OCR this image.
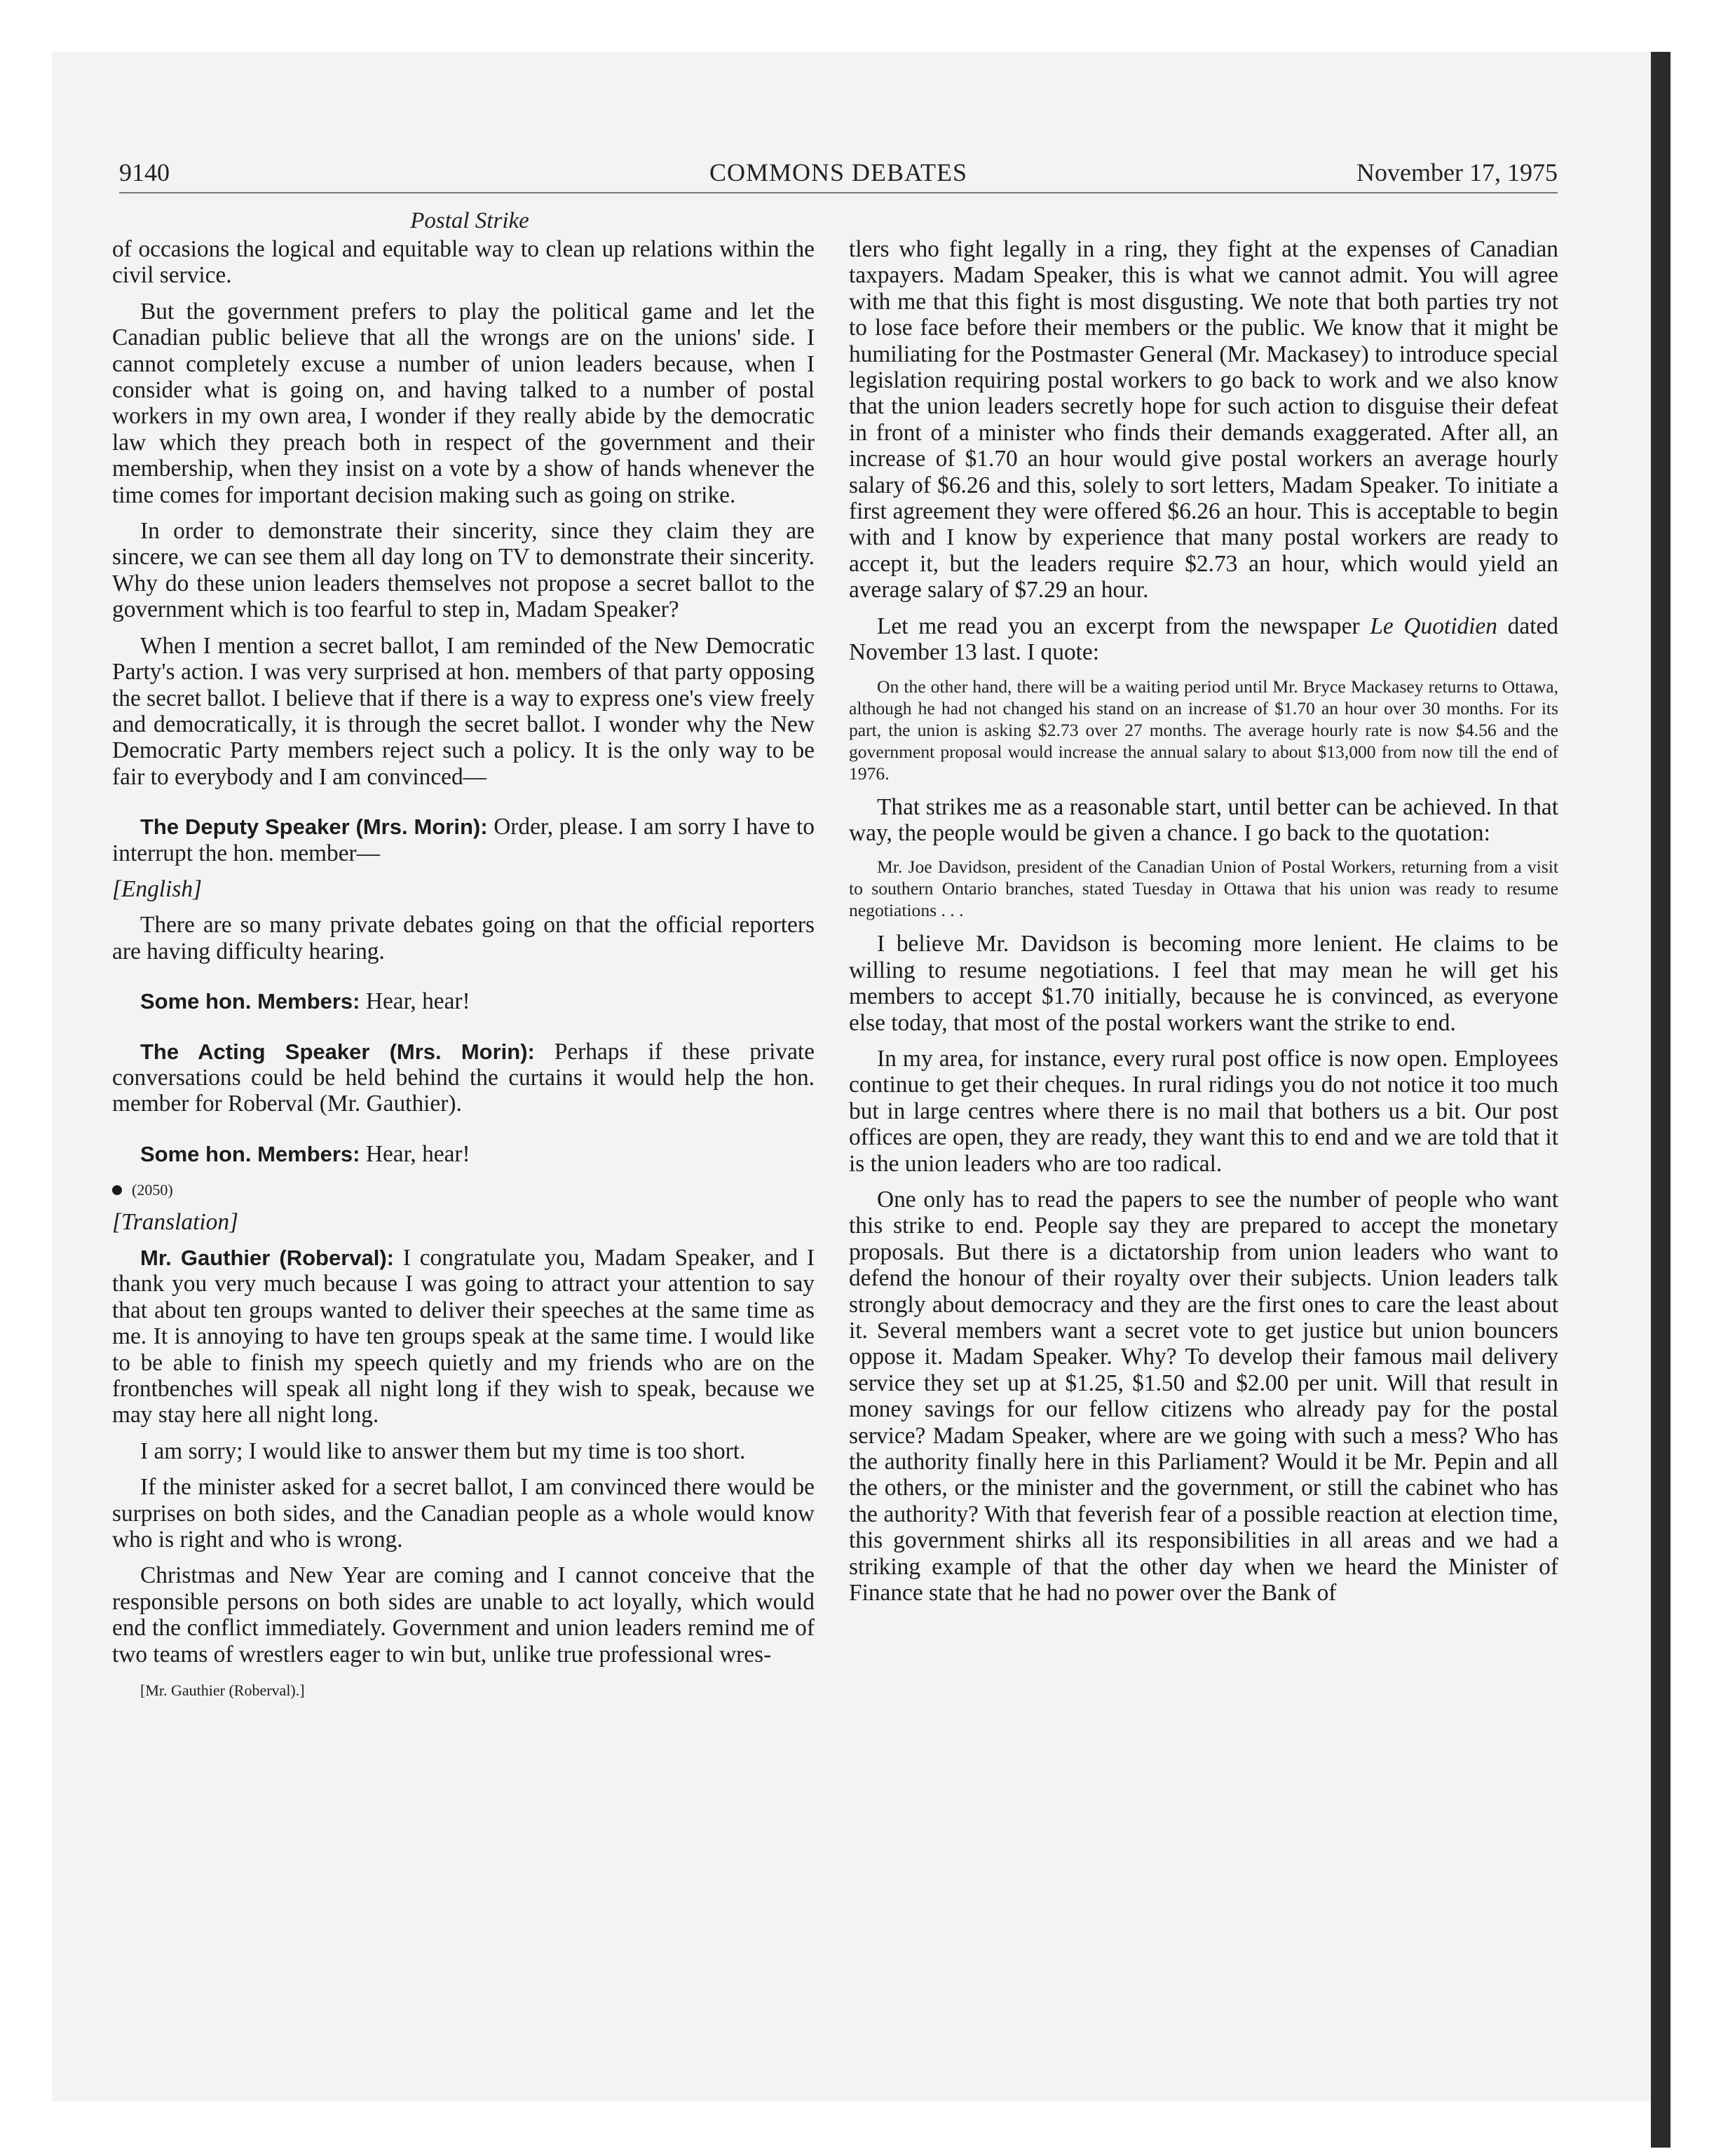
9140	COMMONS DEBATES	November 17, 1975
Postal Strike

of occasions the logical and equitable way to clean up relations within the civil service.

But the government prefers to play the political game and let the Canadian public believe that all the wrongs are on the unions' side. I cannot completely excuse a number of union leaders because, when I consider what is going on, and having talked to a number of postal workers in my own area, I wonder if they really abide by the democratic law which they preach both in respect of the government and their membership, when they insist on a vote by a show of hands whenever the time comes for important decision making such as going on strike.

In order to demonstrate their sincerity, since they claim they are sincere, we can see them all day long on TV to demonstrate their sincerity. Why do these union leaders themselves not propose a secret ballot to the government which is too fearful to step in, Madam Speaker?

When I mention a secret ballot, I am reminded of the New Democratic Party's action. I was very surprised at hon. members of that party opposing the secret ballot. I believe that if there is a way to express one's view freely and democratically, it is through the secret ballot. I wonder why the New Democratic Party members reject such a policy. It is the only way to be fair to everybody and I am convinced—

The Deputy Speaker (Mrs. Morin): Order, please. I am sorry I have to interrupt the hon. member—

[English]

There are so many private debates going on that the official reporters are having difficulty hearing.

Some hon. Members: Hear, hear!

The Acting Speaker (Mrs. Morin): Perhaps if these private conversations could be held behind the curtains it would help the hon. member for Roberval (Mr. Gauthier).

Some hon. Members: Hear, hear!

(2050)

[Translation]

Mr. Gauthier (Roberval): I congratulate you, Madam Speaker, and I thank you very much because I was going to attract your attention to say that about ten groups wanted to deliver their speeches at the same time as me. It is annoying to have ten groups speak at the same time. I would like to be able to finish my speech quietly and my friends who are on the frontbenches will speak all night long if they wish to speak, because we may stay here all night long.

I am sorry; I would like to answer them but my time is too short.

If the minister asked for a secret ballot, I am convinced there would be surprises on both sides, and the Canadian people as a whole would know who is right and who is wrong.

Christmas and New Year are coming and I cannot conceive that the responsible persons on both sides are unable to act loyally, which would end the conflict immediately. Government and union leaders remind me of two teams of wrestlers eager to win but, unlike true professional wres-

[Mr. Gauthier (Roberval).]

tlers who fight legally in a ring, they fight at the expenses of Canadian taxpayers. Madam Speaker, this is what we cannot admit. You will agree with me that this fight is most disgusting. We note that both parties try not to lose face before their members or the public. We know that it might be humiliating for the Postmaster General (Mr. Mackasey) to introduce special legislation requiring postal workers to go back to work and we also know that the union leaders secretly hope for such action to disguise their defeat in front of a minister who finds their demands exaggerated. After all, an increase of $1.70 an hour would give postal workers an average hourly salary of $6.26 and this, solely to sort letters, Madam Speaker. To initiate a first agreement they were offered $6.26 an hour. This is acceptable to begin with and I know by experience that many postal workers are ready to accept it, but the leaders require $2.73 an hour, which would yield an average salary of $7.29 an hour.

Let me read you an excerpt from the newspaper Le Quotidien dated November 13 last. I quote:

On the other hand, there will be a waiting period until Mr. Bryce Mackasey returns to Ottawa, although he had not changed his stand on an increase of $1.70 an hour over 30 months. For its part, the union is asking $2.73 over 27 months. The average hourly rate is now $4.56 and the government proposal would increase the annual salary to about $13,000 from now till the end of 1976.

That strikes me as a reasonable start, until better can be achieved. In that way, the people would be given a chance. I go back to the quotation:

Mr. Joe Davidson, president of the Canadian Union of Postal Workers, returning from a visit to southern Ontario branches, stated Tuesday in Ottawa that his union was ready to resume negotiations . . .

I believe Mr. Davidson is becoming more lenient. He claims to be willing to resume negotiations. I feel that may mean he will get his members to accept $1.70 initially, because he is convinced, as everyone else today, that most of the postal workers want the strike to end.

In my area, for instance, every rural post office is now open. Employees continue to get their cheques. In rural ridings you do not notice it too much but in large centres where there is no mail that bothers us a bit. Our post offices are open, they are ready, they want this to end and we are told that it is the union leaders who are too radical.

One only has to read the papers to see the number of people who want this strike to end. People say they are prepared to accept the monetary proposals. But there is a dictatorship from union leaders who want to defend the honour of their royalty over their subjects. Union leaders talk strongly about democracy and they are the first ones to care the least about it. Several members want a secret vote to get justice but union bouncers oppose it. Madam Speaker. Why? To develop their famous mail delivery service they set up at $1.25, $1.50 and $2.00 per unit. Will that result in money savings for our fellow citizens who already pay for the postal service? Madam Speaker, where are we going with such a mess? Who has the authority finally here in this Parliament? Would it be Mr. Pepin and all the others, or the minister and the government, or still the cabinet who has the authority? With that feverish fear of a possible reaction at election time, this government shirks all its responsibilities in all areas and we had a striking example of that the other day when we heard the Minister of Finance state that he had no power over the Bank of
